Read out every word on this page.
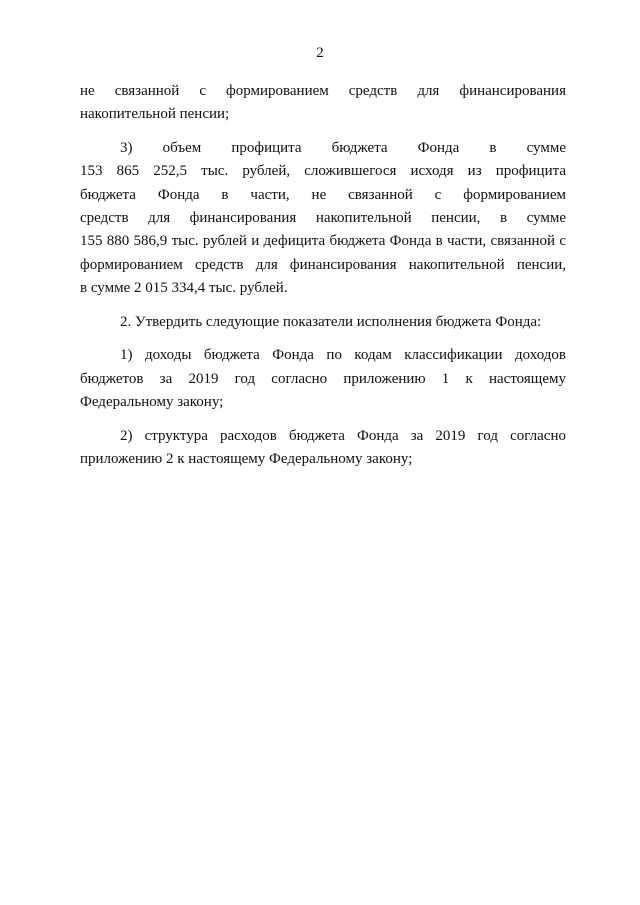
2
не связанной с формированием средств для финансирования
накопительной пенсии;
3) объем профицита бюджета Фонда в сумме
153 865 252,5 тыс. рублей, сложившегося исходя из профицита
бюджета Фонда в части, не связанной с формированием
средств для финансирования накопительной пенсии, в сумме
155 880 586,9 тыс. рублей и дефицита бюджета Фонда в части, связанной с
формированием средств для финансирования накопительной пенсии,
в сумме 2 015 334,4 тыс. рублей.
2. Утвердить следующие показатели исполнения бюджета Фонда:
1) доходы бюджета Фонда по кодам классификации доходов
бюджетов за 2019 год согласно приложению 1 к настоящему
Федеральному закону;
2) структура расходов бюджета Фонда за 2019 год согласно
приложению 2 к настоящему Федеральному закону;
